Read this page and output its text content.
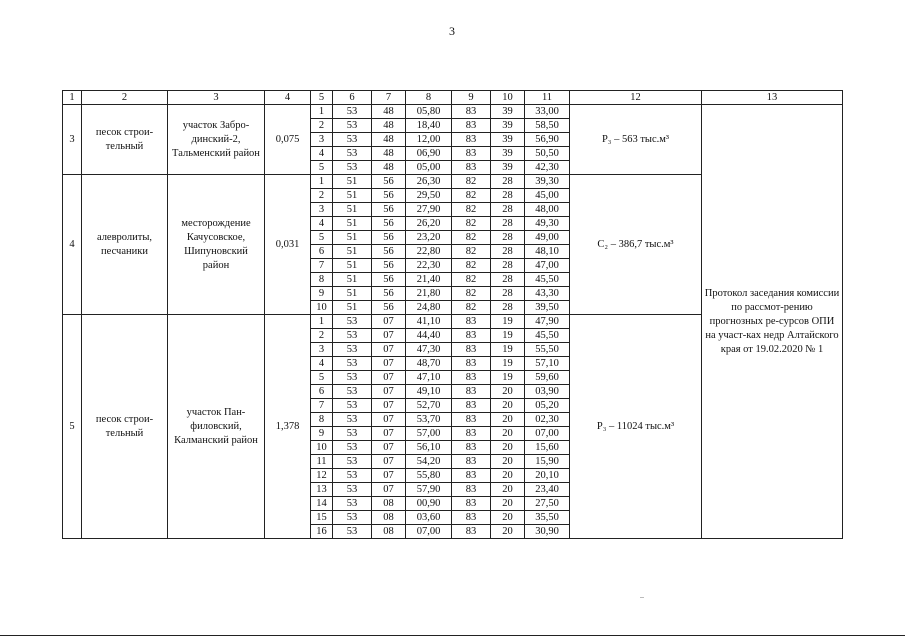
3
1	2	3	4	5	6	7	8	9	10	11	12	13
3	песок строи-тельный	участок Забро-динский-2, Тальменский район	0,075	1	53	48	05,80	83	39	33,00	Р₃ – 563 тыс.м³	Протокол заседания комиссии по рассмот-рению прогнозных ре-сурсов ОПИ на участ-ках недр Алтайского края от 19.02.2020 № 1
				2	53	48	18,40	83	39	58,50		
				3	53	48	12,00	83	39	56,90		
				4	53	48	06,90	83	39	50,50		
				5	53	48	05,00	83	39	42,30		
4	алевролиты, песчаники	месторождение Качусовское, Шипуновский район	0,031	1	51	56	26,30	82	28	39,30	C₂ – 386,7 тыс.м³	
				2	51	56	29,50	82	28	45,00		
				3	51	56	27,90	82	28	48,00		
				4	51	56	26,20	82	28	49,30		
				5	51	56	23,20	82	28	49,00		
				6	51	56	22,80	82	28	48,10		
				7	51	56	22,30	82	28	47,00		
				8	51	56	21,40	82	28	45,50		
				9	51	56	21,80	82	28	43,30		
				10	51	56	24,80	82	28	39,50		
5	песок строи-тельный	участок Пан-филовский, Калманский район	1,378	1	53	07	41,10	83	19	47,90	Р₃ – 11024 тыс.м³	
				2	53	07	44,40	83	19	45,50		
				3	53	07	47,30	83	19	55,50		
				4	53	07	48,70	83	19	57,10		
				5	53	07	47,10	83	19	59,60		
				6	53	07	49,10	83	20	03,90		
				7	53	07	52,70	83	20	05,20		
				8	53	07	53,70	83	20	02,30		
				9	53	07	57,00	83	20	07,00		
				10	53	07	56,10	83	20	15,60		
				11	53	07	54,20	83	20	15,90		
				12	53	07	55,80	83	20	20,10		
				13	53	07	57,90	83	20	23,40		
				14	53	08	00,90	83	20	27,50		
				15	53	08	03,60	83	20	35,50		
				16	53	08	07,00	83	20	30,90		
